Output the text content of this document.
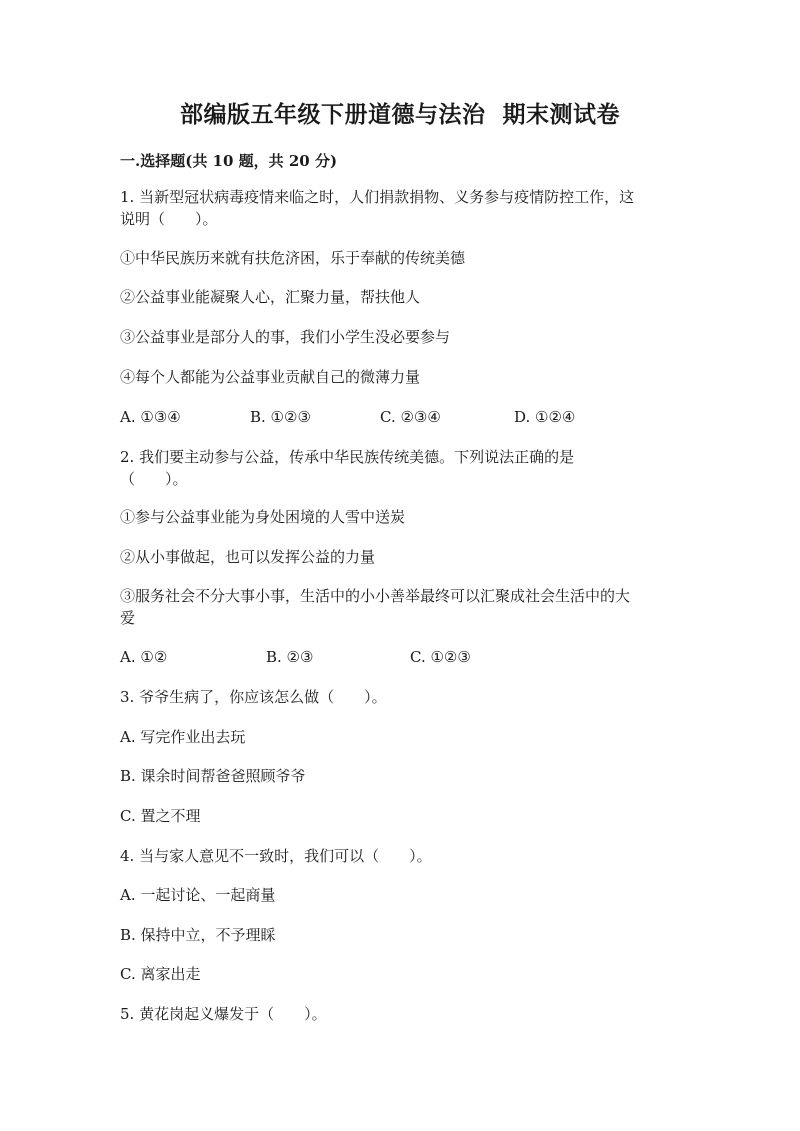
部编版五年级下册道德与法治  期末测试卷
一.选择题(共 10 题，共 20 分)
1. 当新型冠状病毒疫情来临之时，人们捐款捐物、义务参与疫情防控工作，这
说明（　　）。
①中华民族历来就有扶危济困，乐于奉献的传统美德
②公益事业能凝聚人心，汇聚力量，帮扶他人
③公益事业是部分人的事，我们小学生没必要参与
④每个人都能为公益事业贡献自己的微薄力量
A. ①③④	B. ①②③	C. ②③④	D. ①②④
2. 我们要主动参与公益，传承中华民族传统美德。下列说法正确的是
（　　）。
①参与公益事业能为身处困境的人雪中送炭
②从小事做起，也可以发挥公益的力量
③服务社会不分大事小事，生活中的小小善举最终可以汇聚成社会生活中的大
爱
A. ①②	B. ②③	C. ①②③
3. 爷爷生病了，你应该怎么做（　　）。
A. 写完作业出去玩
B. 课余时间帮爸爸照顾爷爷
C. 置之不理
4. 当与家人意见不一致时，我们可以（　　）。
A. 一起讨论、一起商量
B. 保持中立，不予理睬
C. 离家出走
5. 黄花岗起义爆发于（　　）。
